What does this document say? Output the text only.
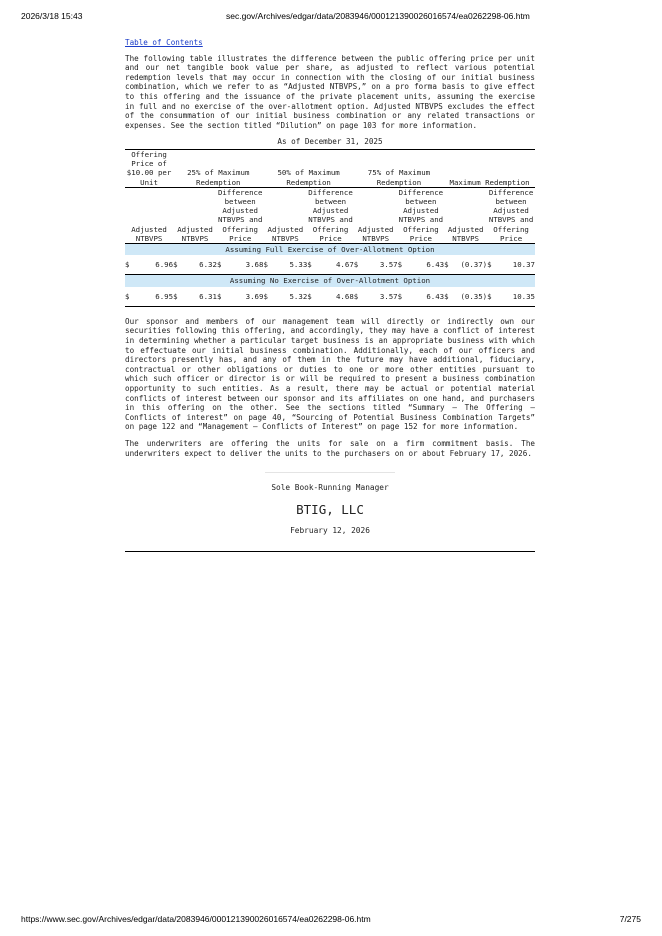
2026/3/18 15:43	sec.gov/Archives/edgar/data/2083946/000121390026016574/ea0262298-06.htm
Table of Contents

The following table illustrates the difference between the public offering price per unit and our net tangible book value per share, as adjusted to reflect various potential redemption levels that may occur in connection with the closing of our initial business combination, which we refer to as “Adjusted NTBVPS,” on a pro forma basis to give effect to this offering and the issuance of the private placement units, assuming the exercise in full and no exercise of the over-allotment option. Adjusted NTBVPS excludes the effect of the consummation of our initial business combination or any related transactions or expenses. See the section titled “Dilution” on page 103 for more information.

As of December 31, 2025
Offering Price of $10.00 per Unit		25% of Maximum Redemption				50% of Maximum Redemption				75% of Maximum Redemption				Maximum Redemption			
Adjusted NTBVPS		Adjusted NTBVPS		Difference between Adjusted NTBVPS and Offering Price		Adjusted NTBVPS		Difference between Adjusted NTBVPS and Offering Price		Adjusted NTBVPS		Difference between Adjusted NTBVPS and Offering Price		Adjusted NTBVPS		Difference between Adjusted NTBVPS and Offering Price	
Assuming Full Exercise of Over-Allotment Option																	
$	6.96	$	6.32	$	3.68	$	5.33	$	4.67	$	3.57	$	6.43	$	(0.37)	$	10.37
Assuming No Exercise of Over-Allotment Option																	
$	6.95	$	6.31	$	3.69	$	5.32	$	4.68	$	3.57	$	6.43	$	(0.35)	$	10.35

Our sponsor and members of our management team will directly or indirectly own our securities following this offering, and accordingly, they may have a conflict of interest in determining whether a particular target business is an appropriate business with which to effectuate our initial business combination. Additionally, each of our officers and directors presently has, and any of them in the future may have additional, fiduciary, contractual or other obligations or duties to one or more other entities pursuant to which such officer or director is or will be required to present a business combination opportunity to such entities. As a result, there may be actual or potential material conflicts of interest between our sponsor and its affiliates on one hand, and purchasers in this offering on the other. See the sections titled “Summary — The Offering — Conflicts of interest” on page 40, “Sourcing of Potential Business Combination Targets” on page 122 and “Management — Conflicts of Interest” on page 152 for more information.

The underwriters are offering the units for sale on a firm commitment basis. The underwriters expect to deliver the units to the purchasers on or about February 17, 2026.

Sole Book-Running Manager
BTIG, LLC
February 12, 2026
https://www.sec.gov/Archives/edgar/data/2083946/000121390026016574/ea0262298-06.htm	7/275
